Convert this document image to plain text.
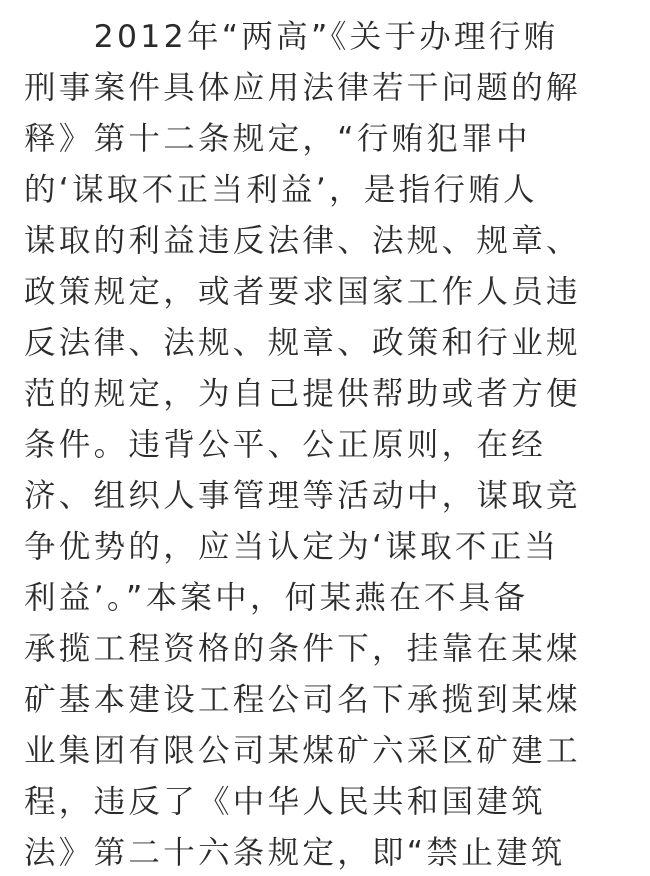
　　2012年“两高”《关于办理行贿
刑事案件具体应用法律若干问题的解
释》第十二条规定，“行贿犯罪中
的‘谋取不正当利益’，是指行贿人
谋取的利益违反法律、法规、规章、
政策规定，或者要求国家工作人员违
反法律、法规、规章、政策和行业规
范的规定，为自己提供帮助或者方便
条件。违背公平、公正原则，在经
济、组织人事管理等活动中，谋取竞
争优势的，应当认定为‘谋取不正当
利益’。”本案中，何某燕在不具备
承揽工程资格的条件下，挂靠在某煤
矿基本建设工程公司名下承揽到某煤
业集团有限公司某煤矿六采区矿建工
程，违反了《中华人民共和国建筑
法》第二十六条规定，即“禁止建筑
